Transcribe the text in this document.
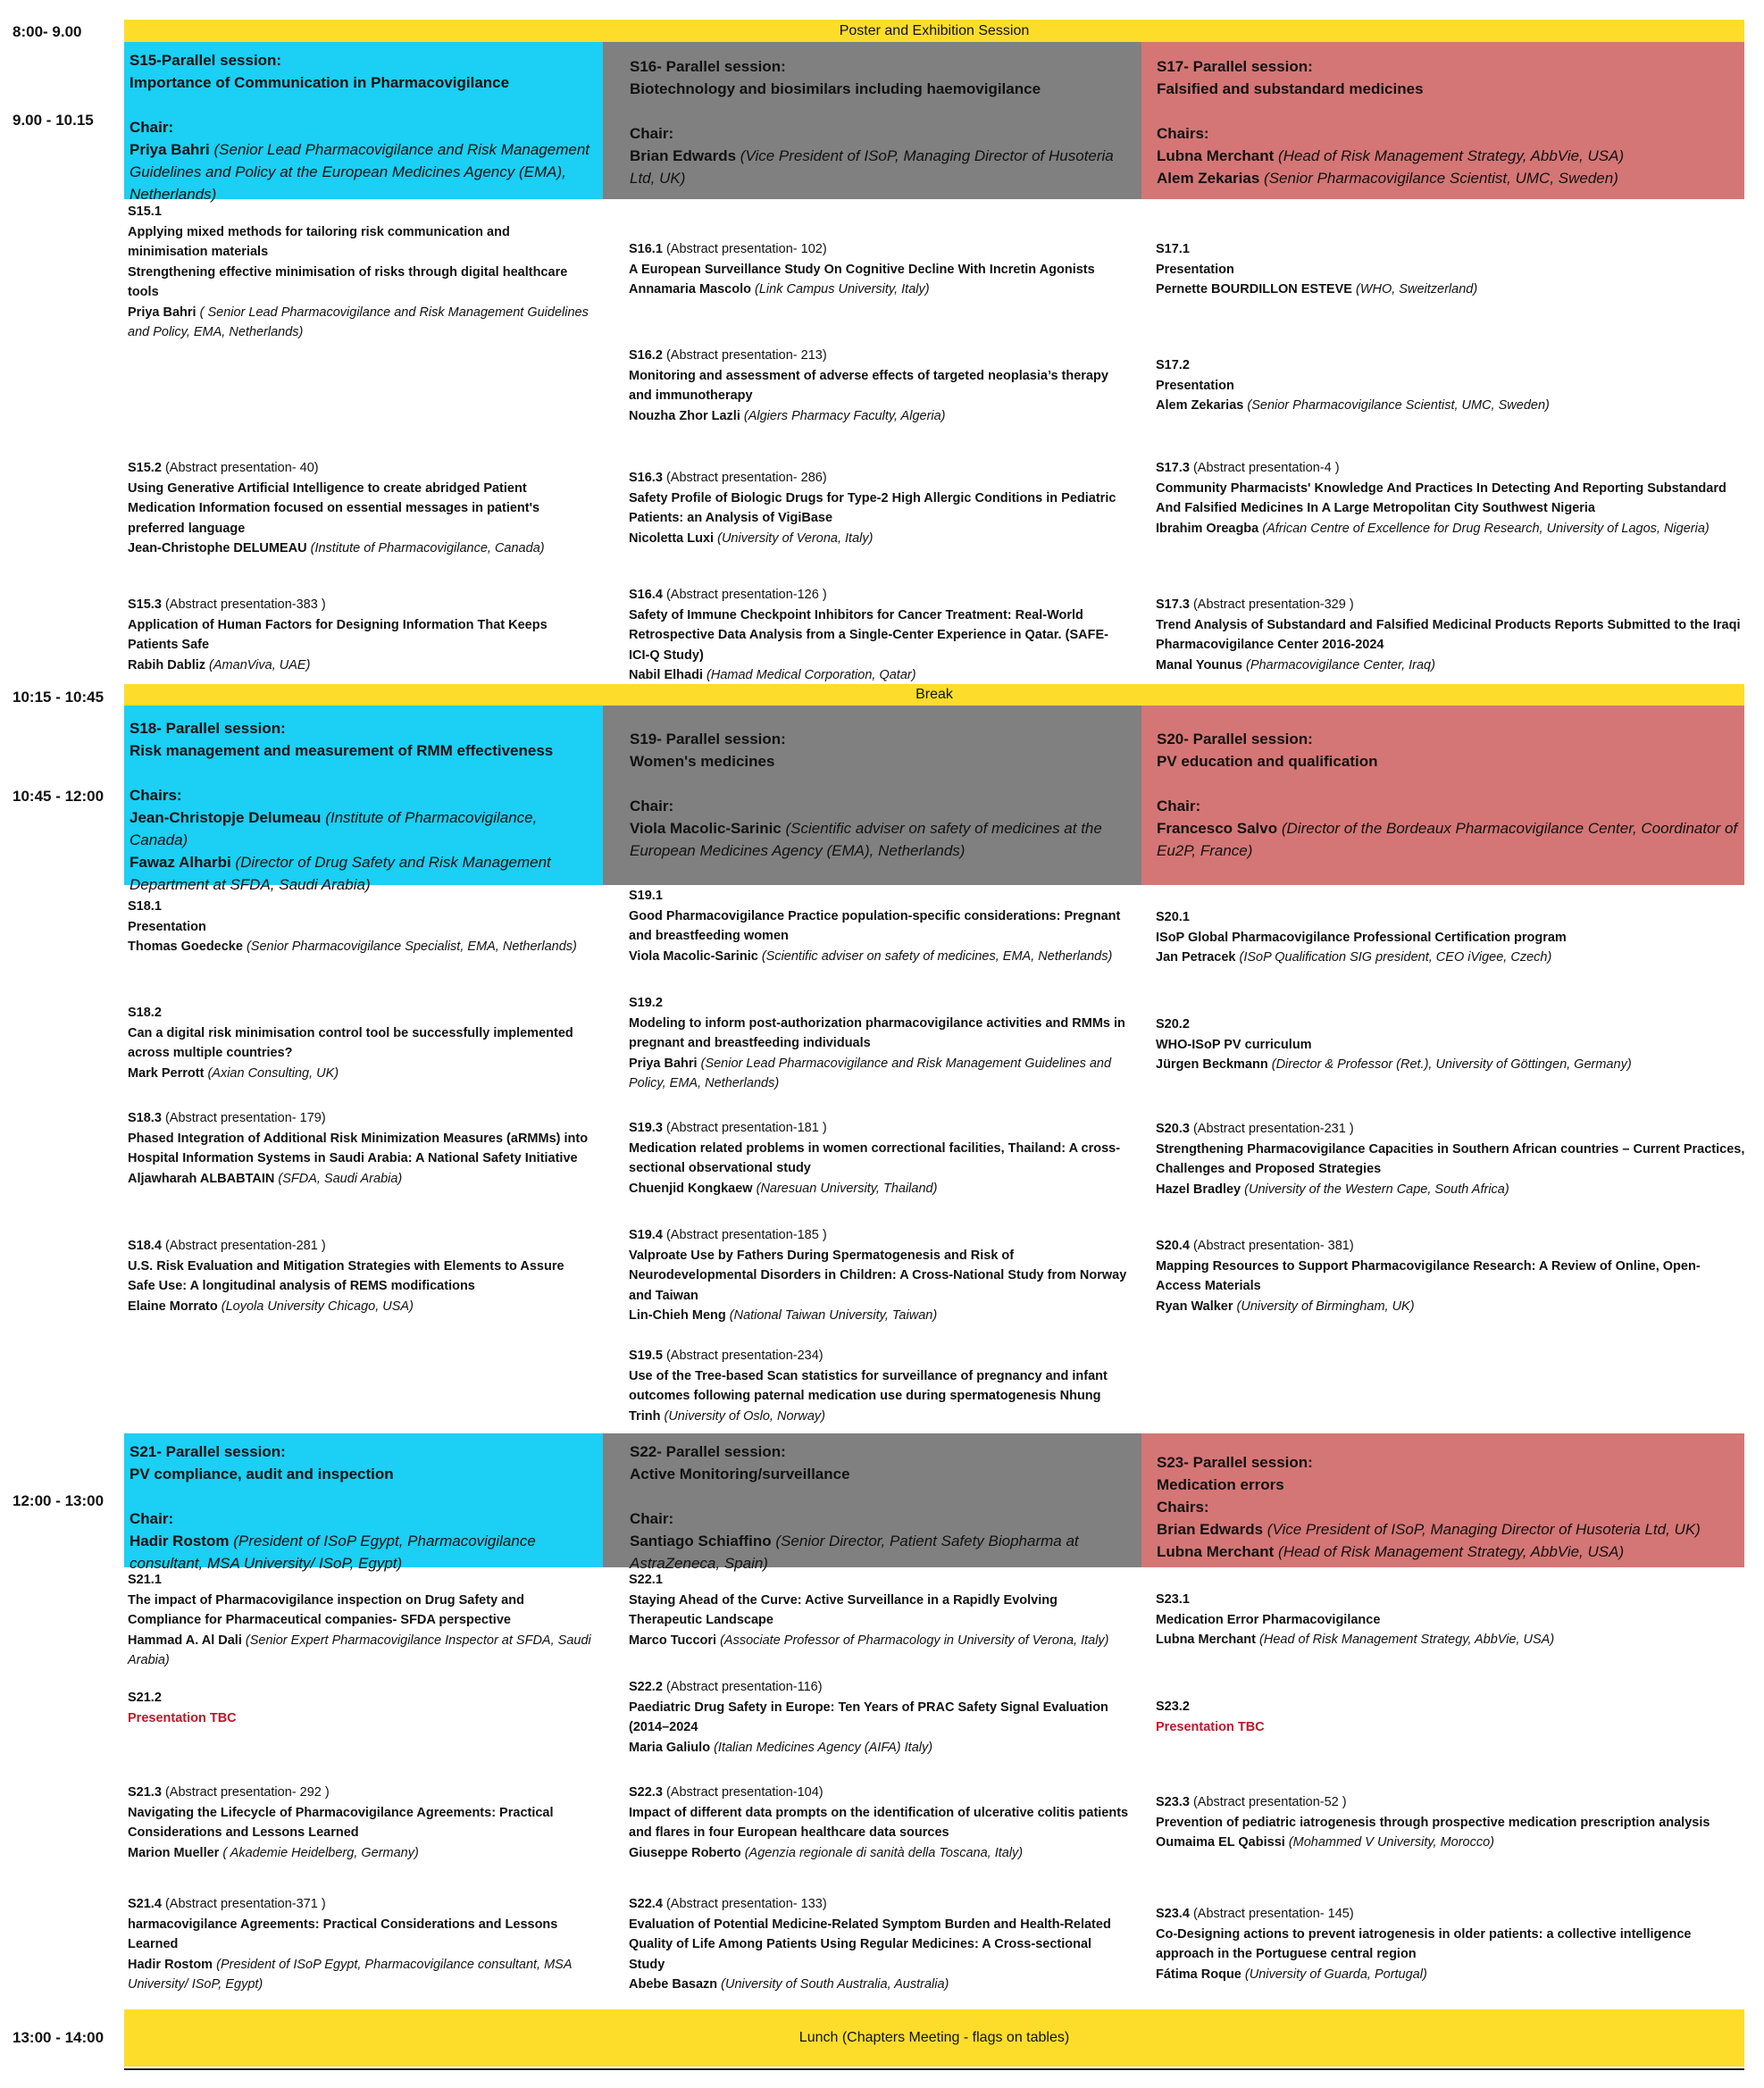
8:00- 9.00
9.00 - 10.15
10:15 - 10:45
10:45 - 12:00
12:00 - 13:00
13:00 - 14:00
Poster and Exhibition Session
Break
Lunch (Chapters Meeting - flags on tables)
S15-Parallel session:
Importance of Communication in Pharmacovigilance
Chair:
Priya Bahri (Senior Lead Pharmacovigilance and Risk Management Guidelines and Policy at the European Medicines Agency (EMA), Netherlands)
S16- Parallel session:
Biotechnology and biosimilars including haemovigilance
Chair:
Brian Edwards (Vice President of ISoP, Managing Director of Husoteria Ltd, UK)
S17- Parallel session:
Falsified and substandard medicines
Chairs:
Lubna Merchant (Head of Risk Management Strategy, AbbVie, USA)
Alem Zekarias (Senior Pharmacovigilance Scientist, UMC, Sweden)
S15.1
Applying mixed methods for tailoring risk communication and minimisation materials
Strengthening effective minimisation of risks through digital healthcare tools
Priya Bahri ( Senior Lead Pharmacovigilance and Risk Management Guidelines and Policy, EMA, Netherlands)
S15.2 (Abstract presentation- 40)
Using Generative Artificial Intelligence to create abridged Patient Medication Information focused on essential messages in patient's preferred language
Jean-Christophe DELUMEAU (Institute of Pharmacovigilance, Canada)
S15.3 (Abstract presentation-383 )
Application of Human Factors for Designing Information That Keeps Patients Safe
Rabih Dabliz (AmanViva, UAE)
S16.1 (Abstract presentation- 102)
A European Surveillance Study On Cognitive Decline With Incretin Agonists
Annamaria Mascolo (Link Campus University, Italy)
S16.2 (Abstract presentation- 213)
Monitoring and assessment of adverse effects of targeted neoplasia’s therapy and immunotherapy
Nouzha Zhor Lazli (Algiers Pharmacy Faculty, Algeria)
S16.3 (Abstract presentation- 286)
Safety Profile of Biologic Drugs for Type-2 High Allergic Conditions in Pediatric Patients: an Analysis of VigiBase
Nicoletta Luxi (University of Verona, Italy)
S16.4 (Abstract presentation-126 )
Safety of Immune Checkpoint Inhibitors for Cancer Treatment: Real-World Retrospective Data Analysis from a Single-Center Experience in Qatar. (SAFE-ICI-Q Study)
Nabil Elhadi (Hamad Medical Corporation, Qatar)
S17.1
Presentation
Pernette BOURDILLON ESTEVE (WHO, Sweitzerland)
S17.2
Presentation
Alem Zekarias (Senior Pharmacovigilance Scientist, UMC, Sweden)
S17.3 (Abstract presentation-4 )
Community Pharmacists' Knowledge And Practices In Detecting And Reporting Substandard And Falsified Medicines In A Large Metropolitan City Southwest Nigeria
Ibrahim Oreagba (African Centre of Excellence for Drug Research, University of Lagos, Nigeria)
S17.3 (Abstract presentation-329 )
Trend Analysis of Substandard and Falsified Medicinal Products Reports Submitted to the Iraqi Pharmacovigilance Center 2016-2024
Manal Younus (Pharmacovigilance Center, Iraq)
S18- Parallel session:
Risk management and measurement of RMM effectiveness
Chairs:
Jean-Christopje Delumeau (Institute of Pharmacovigilance, Canada)
Fawaz Alharbi (Director of Drug Safety and Risk Management Department at SFDA, Saudi Arabia)
S19- Parallel session:
Women's medicines
Chair:
Viola Macolic-Sarinic (Scientific adviser on safety of medicines at the European Medicines Agency (EMA), Netherlands)
S20- Parallel session:
PV education and qualification
Chair:
Francesco Salvo (Director of the Bordeaux Pharmacovigilance Center, Coordinator of Eu2P, France)
S18.1
Presentation
Thomas Goedecke (Senior Pharmacovigilance Specialist, EMA, Netherlands)
S18.2
Can a digital risk minimisation control tool be successfully implemented across multiple countries?
Mark Perrott (Axian Consulting, UK)
S18.3 (Abstract presentation- 179)
Phased Integration of Additional Risk Minimization Measures (aRMMs) into Hospital Information Systems in Saudi Arabia: A National Safety Initiative
Aljawharah ALBABTAIN (SFDA, Saudi Arabia)
S18.4 (Abstract presentation-281 )
U.S. Risk Evaluation and Mitigation Strategies with Elements to Assure Safe Use: A longitudinal analysis of REMS modifications
Elaine Morrato (Loyola University Chicago, USA)
S19.1
Good Pharmacovigilance Practice population-specific considerations: Pregnant and breastfeeding women
Viola Macolic-Sarinic (Scientific adviser on safety of medicines, EMA, Netherlands)
S19.2
Modeling to inform post-authorization pharmacovigilance activities and RMMs in pregnant and breastfeeding individuals
Priya Bahri (Senior Lead Pharmacovigilance and Risk Management Guidelines and Policy, EMA, Netherlands)
S19.3 (Abstract presentation-181 )
Medication related problems in women correctional facilities, Thailand: A cross-sectional observational study
Chuenjid Kongkaew (Naresuan University, Thailand)
S19.4 (Abstract presentation-185 )
Valproate Use by Fathers During Spermatogenesis and Risk of Neurodevelopmental Disorders in Children: A Cross-National Study from Norway and Taiwan
Lin-Chieh Meng (National Taiwan University, Taiwan)
S19.5 (Abstract presentation-234)
Use of the Tree-based Scan statistics for surveillance of pregnancy and infant outcomes following paternal medication use during spermatogenesis Nhung Trinh (University of Oslo, Norway)
S20.1
ISoP Global Pharmacovigilance Professional Certification program
Jan Petracek (ISoP Qualification SIG president, CEO iVigee, Czech)
S20.2
WHO-ISoP PV curriculum
Jürgen Beckmann (Director & Professor (Ret.), University of Göttingen, Germany)
S20.3 (Abstract presentation-231 )
Strengthening Pharmacovigilance Capacities in Southern African countries – Current Practices, Challenges and Proposed Strategies
Hazel Bradley (University of the Western Cape, South Africa)
S20.4 (Abstract presentation- 381)
Mapping Resources to Support Pharmacovigilance Research: A Review of Online, Open-Access Materials
Ryan Walker (University of Birmingham, UK)
S21- Parallel session:
PV compliance, audit and inspection
Chair:
Hadir Rostom (President of ISoP Egypt, Pharmacovigilance consultant, MSA University/ ISoP, Egypt)
S22- Parallel session:
Active Monitoring/surveillance
Chair:
Santiago Schiaffino (Senior Director, Patient Safety Biopharma at AstraZeneca, Spain)
S23- Parallel session:
Medication errors
Chairs:
Brian Edwards (Vice President of ISoP, Managing Director of Husoteria Ltd, UK)
Lubna Merchant (Head of Risk Management Strategy, AbbVie, USA)
S21.1
The impact of Pharmacovigilance inspection on Drug Safety and Compliance for Pharmaceutical companies- SFDA perspective
Hammad A. Al Dali (Senior Expert Pharmacovigilance Inspector at SFDA, Saudi Arabia)
S21.2
Presentation TBC
S21.3 (Abstract presentation- 292 )
Navigating the Lifecycle of Pharmacovigilance Agreements: Practical Considerations and Lessons Learned
Marion Mueller ( Akademie Heidelberg, Germany)
S21.4 (Abstract presentation-371 )
harmacovigilance Agreements: Practical Considerations and Lessons Learned
Hadir Rostom (President of ISoP Egypt, Pharmacovigilance consultant, MSA University/ ISoP, Egypt)
S22.1
Staying Ahead of the Curve: Active Surveillance in a Rapidly Evolving Therapeutic Landscape
Marco Tuccori (Associate Professor of Pharmacology in University of Verona, Italy)
S22.2 (Abstract presentation-116)
Paediatric Drug Safety in Europe: Ten Years of PRAC Safety Signal Evaluation (2014–2024
Maria Galiulo (Italian Medicines Agency (AIFA) Italy)
S22.3 (Abstract presentation-104)
Impact of different data prompts on the identification of ulcerative colitis patients and flares in four European healthcare data sources
Giuseppe Roberto (Agenzia regionale di sanità della Toscana, Italy)
S22.4 (Abstract presentation- 133)
Evaluation of Potential Medicine-Related Symptom Burden and Health-Related Quality of Life Among Patients Using Regular Medicines: A Cross-sectional Study
Abebe Basazn (University of South Australia, Australia)
S23.1
Medication Error Pharmacovigilance
Lubna Merchant (Head of Risk Management Strategy, AbbVie, USA)
S23.2
Presentation TBC
S23.3 (Abstract presentation-52 )
Prevention of pediatric iatrogenesis through prospective medication prescription analysis
Oumaima EL Qabissi (Mohammed V University, Morocco)
S23.4 (Abstract presentation- 145)
Co-Designing actions to prevent iatrogenesis in older patients: a collective intelligence approach in the Portuguese central region
Fátima Roque (University of Guarda, Portugal)
